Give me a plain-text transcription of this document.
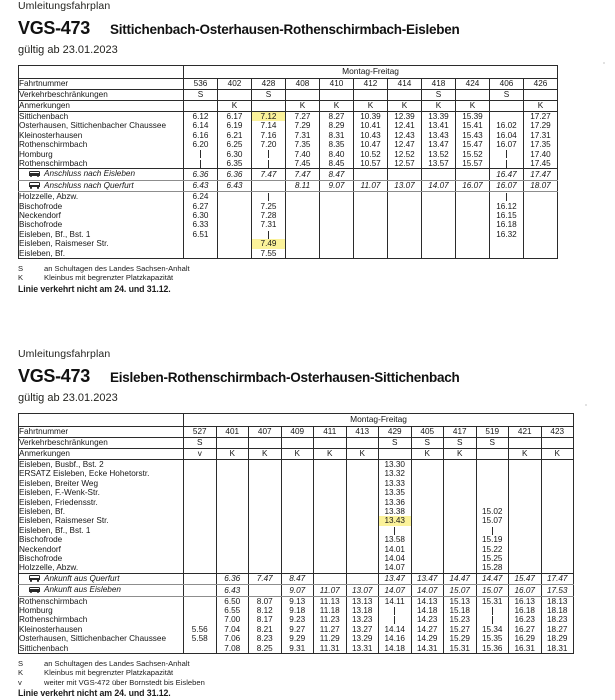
Umleitungsfahrplan
VGS-473 Sittichenbach-Osterhausen-Rothenschirmbach-Eisleben
gültig ab 23.01.2023
	Montag-Freitag										
Fahrtnummer	536	402	428	408	410	412	414	418	424	406	426
Verkehrbeschränkungen	S		S					S		S	
Anmerkungen		K		K	K	K	K	K	K		K
Sittichenbach	6.12	6.17	7.12	7.27	8.27	10.39	12.39	13.39	15.39		17.27
Osterhausen, Sittichenbacher Chaussee	6.14	6.19	7.14	7.29	8.29	10.41	12.41	13.41	15.41	16.02	17.29
Kleinosterhausen	6.16	6.21	7.16	7.31	8.31	10.43	12.43	13.43	15.43	16.04	17.31
Rothenschirmbach	6.20	6.25	7.20	7.35	8.35	10.47	12.47	13.47	15.47	16.07	17.35
Homburg		6.30		7.40	8.40	10.52	12.52	13.52	15.52		17.40
Rothenschirmbach		6.35		7.45	8.45	10.57	12.57	13.57	15.57		17.45

Anschluss nach Eisleben	6.36	6.36	7.47	7.47	8.47					16.47	17.47

Anschluss nach Querfurt	6.43	6.43		8.11	9.07	11.07	13.07	14.07	16.07	16.07	18.07
Holzzelle, Abzw.	6.24										
Bischofrode	6.27		7.25							16.12	
Neckendorf	6.30		7.28							16.15	
Bischofrode	6.33		7.31							16.18	
Eisleben, Bf., Bst. 1	6.51									16.32	
Eisleben, Raismeser Str.			7.49								
Eisleben, Bf.			7.55								
S	an Schultagen des Landes Sachsen-Anhalt
K	Kleinbus mit begrenzter Platzkapazität
Linie verkehrt nicht am 24. und 31.12.
Umleitungsfahrplan
VGS-473 Eisleben-Rothenschirmbach-Osterhausen-Sittichenbach
gültig ab 23.01.2023
	Montag-Freitag											
Fahrtnummer	527	401	407	409	411	413	429	405	417	519	421	423
Verkehrbeschränkungen	S						S	S	S	S		
Anmerkungen	v	K	K	K	K	K		K	K		K	K
Eisleben, Busbf., Bst. 2							13.30					
ERSATZ Eisleben, Ecke Hohetorstr.							13.32					
Eisleben, Breiter Weg							13.33					
Eisleben, F.-Wenk-Str.							13.35					
Eisleben, Friedensstr.							13.36					
Eisleben, Bf.							13.38			15.02		
Eisleben, Raismeser Str.							13.43			15.07		
Eisleben, Bf., Bst. 1												
Bischofrode							13.58			15.19		
Neckendorf							14.01			15.22		
Bischofrode							14.04			15.25		
Holzzelle, Abzw.							14.07			15.28		

Ankunft aus Querfurt		6.36	7.47	8.47			13.47	13.47	14.47	14.47	15.47	17.47

Ankunft aus Eisleben		6.43		9.07	11.07	13.07	14.07	14.07	15.07	15.07	16.07	17.53
Rothenschirmbach		6.50	8.07	9.13	11.13	13.13	14.11	14.13	15.13	15.31	16.13	18.13
Homburg		6.55	8.12	9.18	11.18	13.18		14.18	15.18		16.18	18.18
Rothenschirmbach		7.00	8.17	9.23	11.23	13.23		14.23	15.23		16.23	18.23
Kleinosterhausen	5.56	7.04	8.21	9.27	11.27	13.27	14.14	14.27	15.27	15.34	16.27	18.27
Osterhausen, Sittichenbacher Chaussee	5.58	7.06	8.23	9.29	11.29	13.29	14.16	14.29	15.29	15.35	16.29	18.29
Sittichenbach		7.08	8.25	9.31	11.31	13.31	14.18	14.31	15.31	15.36	16.31	18.31
S	an Schultagen des Landes Sachsen-Anhalt
K	Kleinbus mit begrenzter Platzkapazität
v	weiter mit VGS-472 über Bornstedt bis Eisleben
Linie verkehrt nicht am 24. und 31.12.
